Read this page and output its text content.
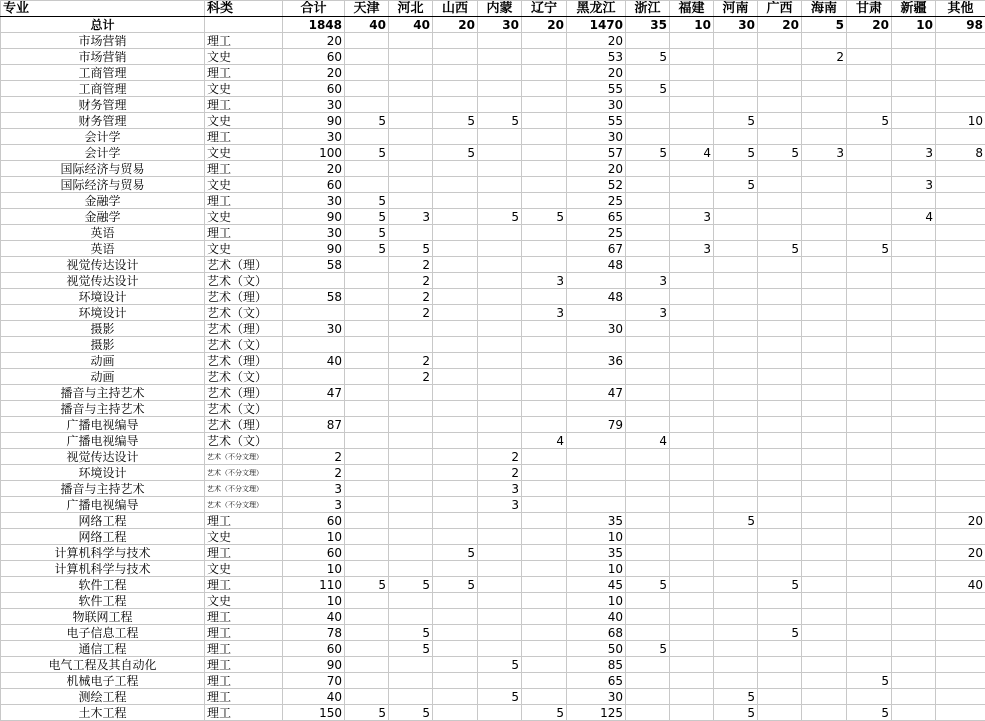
专业	科类	合计	天津	河北	山西	内蒙	辽宁	黑龙江	浙江	福建	河南	广西	海南	甘肃	新疆	其他
总计		1848	40	40	20	30	20	1470	35	10	30	20	5	20	10	98
市场营销	理工	20						20								
市场营销	文史	60						53	5				2			
工商管理	理工	20						20								
工商管理	文史	60						55	5							
财务管理	理工	30						30								
财务管理	文史	90	5		5	5		55			5			5		10
会计学	理工	30						30								
会计学	文史	100	5		5			57	5	4	5	5	3		3	8
国际经济与贸易	理工	20						20								
国际经济与贸易	文史	60						52			5				3	
金融学	理工	30	5					25								
金融学	文史	90	5	3		5	5	65		3					4	
英语	理工	30	5					25								
英语	文史	90	5	5				67		3		5		5		
视觉传达设计	艺术（理）	58		2				48								
视觉传达设计	艺术（文）			2			3		3							
环境设计	艺术（理）	58		2				48								
环境设计	艺术（文）			2			3		3							
摄影	艺术（理）	30						30								
摄影	艺术（文）															
动画	艺术（理）	40		2				36								
动画	艺术（文）			2												
播音与主持艺术	艺术（理）	47						47								
播音与主持艺术	艺术（文）															
广播电视编导	艺术（理）	87						79								
广播电视编导	艺术（文）						4		4							
视觉传达设计	艺术（不分文理）	2				2										
环境设计	艺术（不分文理）	2				2										
播音与主持艺术	艺术（不分文理）	3				3										
广播电视编导	艺术（不分文理）	3				3										
网络工程	理工	60						35			5					20
网络工程	文史	10						10								
计算机科学与技术	理工	60			5			35								20
计算机科学与技术	文史	10						10								
软件工程	理工	110	5	5	5			45	5			5				40
软件工程	文史	10						10								
物联网工程	理工	40						40								
电子信息工程	理工	78		5				68				5				
通信工程	理工	60		5				50	5							
电气工程及其自动化	理工	90				5		85								
机械电子工程	理工	70						65						5		
测绘工程	理工	40				5		30			5					
土木工程	理工	150	5	5			5	125			5			5		
